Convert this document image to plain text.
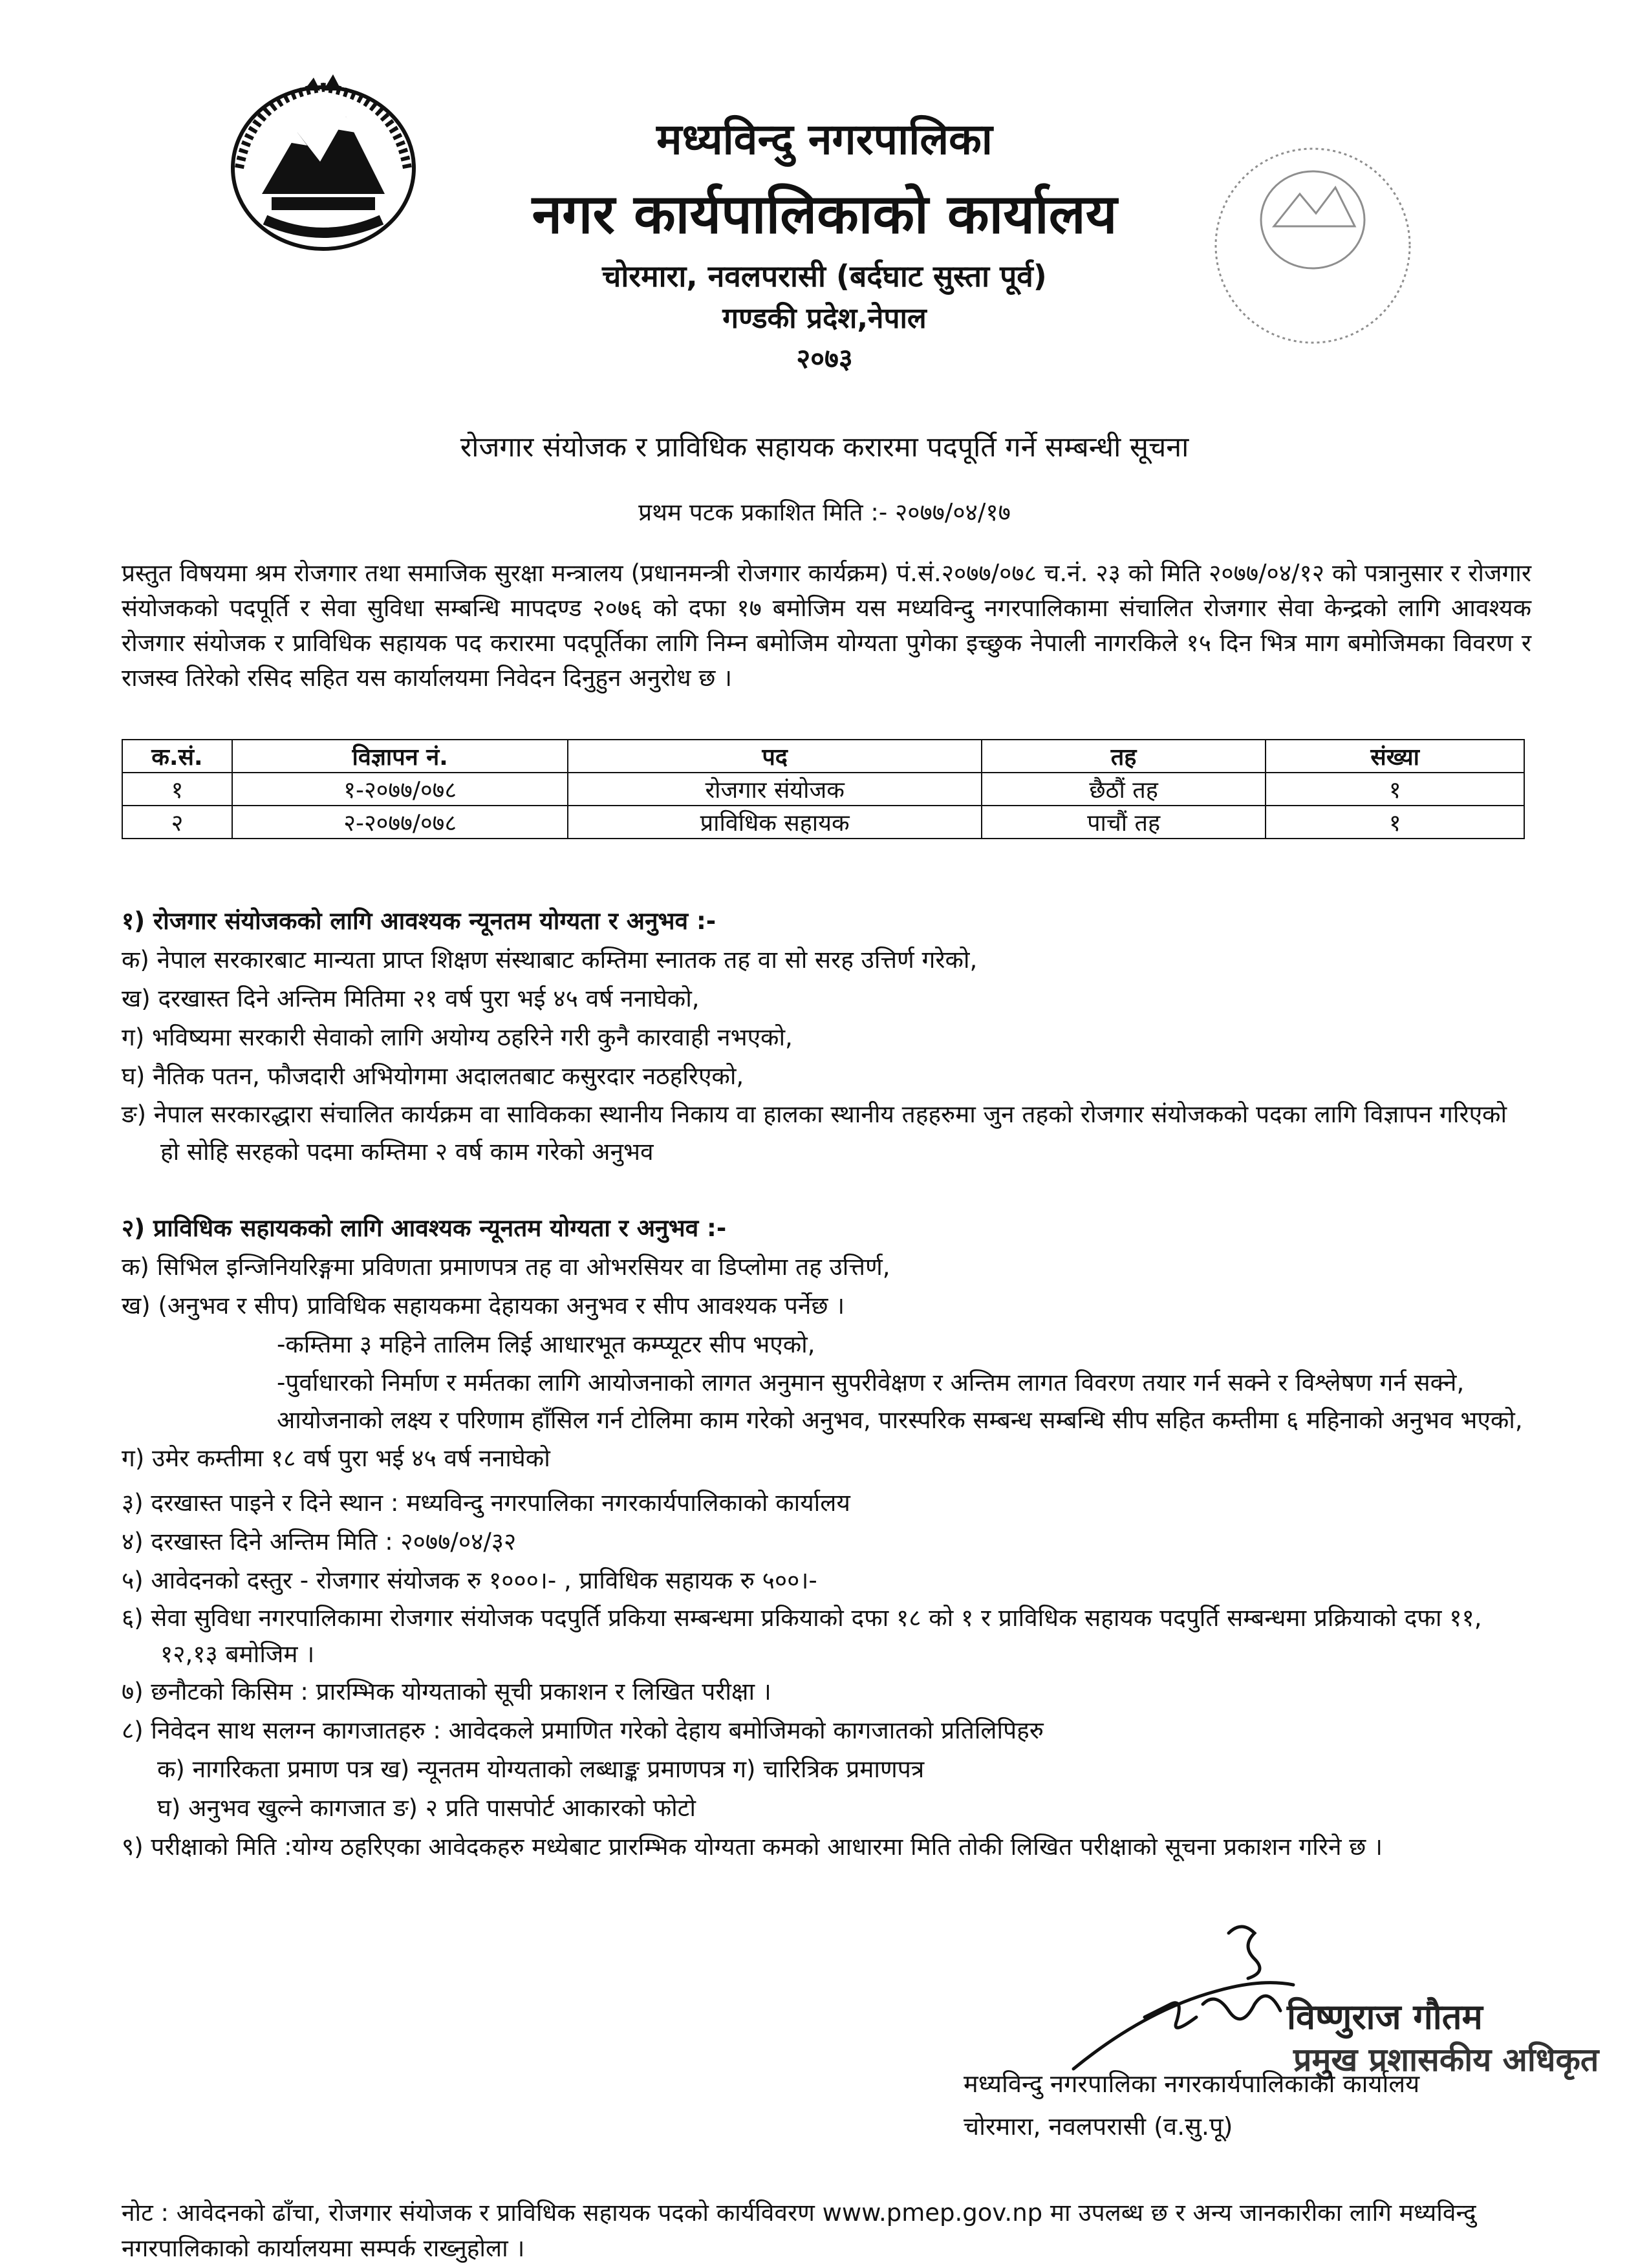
मध्यविन्दु नगरपालिका
नगर कार्यपालिकाको कार्यालय
चोरमारा, नवलपरासी (बर्दघाट सुस्ता पूर्व)
गण्डकी प्रदेश,नेपाल
२०७३
रोजगार संयोजक र प्राविधिक सहायक करारमा पदपूर्ति गर्ने सम्बन्धी सूचना
प्रथम पटक प्रकाशित मिति :- २०७७/०४/१७
प्रस्तुत विषयमा श्रम रोजगार तथा समाजिक सुरक्षा मन्त्रालय (प्रधानमन्त्री रोजगार कार्यक्रम) पं.सं.२०७७/०७८ च.नं. २३ को मिति २०७७/०४/१२ को पत्रानुसार र रोजगार संयोजकको पदपूर्ति र सेवा सुविधा सम्बन्धि मापदण्ड २०७६ को दफा १७ बमोजिम यस मध्यविन्दु नगरपालिकामा संचालित रोजगार सेवा केन्द्रको लागि आवश्यक रोजगार संयोजक र प्राविधिक सहायक पद करारमा पदपूर्तिका लागि निम्न बमोजिम योग्यता पुगेका इच्छुक नेपाली नागरकिले १५ दिन भित्र माग बमोजिमका विवरण र राजस्व तिरेको रसिद सहित यस कार्यालयमा निवेदन दिनुहुन अनुरोध छ ।
क.सं.	विज्ञापन नं.	पद	तह	संख्या
१	१-२०७७/०७८	रोजगार संयोजक	छैठौं तह	१
२	२-२०७७/०७८	प्राविधिक सहायक	पाचौं तह	१

१) रोजगार संयोजकको लागि आवश्यक न्यूनतम योग्यता र अनुभव :-

क) नेपाल सरकारबाट मान्यता प्राप्त शिक्षण संस्थाबाट कम्तिमा स्नातक तह वा सो सरह उत्तिर्ण गरेको,

ख) दरखास्त दिने अन्तिम मितिमा २१ वर्ष पुरा भई ४५ वर्ष ननाघेको,

ग) भविष्यमा सरकारी सेवाको लागि अयोग्य ठहरिने गरी कुनै कारवाही नभएको,

घ) नैतिक पतन, फौजदारी अभियोगमा अदालतबाट कसुरदार नठहरिएको,

ङ) नेपाल सरकारद्धारा संचालित कार्यक्रम वा साविकका स्थानीय निकाय वा हालका स्थानीय तहहरुमा जुन तहको रोजगार संयोजकको पदका लागि विज्ञापन गरिएको हो सोहि सरहको पदमा कम्तिमा २ वर्ष काम गरेको अनुभव

२) प्राविधिक सहायकको लागि आवश्यक न्यूनतम योग्यता र अनुभव :-

क) सिभिल इन्जिनियरिङ्गमा प्रविणता प्रमाणपत्र तह वा ओभरसियर वा डिप्लोमा तह उत्तिर्ण,

ख) (अनुभव र सीप) प्राविधिक सहायकमा देहायका अनुभव र सीप आवश्यक पर्नेछ ।

-कम्तिमा ३ महिने तालिम लिई आधारभूत कम्प्यूटर सीप भएको,

-पुर्वाधारको निर्माण र मर्मतका लागि आयोजनाको लागत अनुमान सुपरीवेक्षण र अन्तिम लागत विवरण तयार गर्न सक्ने र विश्लेषण गर्न सक्ने, आयोजनाको लक्ष्य र परिणाम हाँसिल गर्न टोलिमा काम गरेको अनुभव, पारस्परिक सम्बन्ध सम्बन्धि सीप सहित कम्तीमा ६ महिनाको अनुभव भएको,

ग) उमेर कम्तीमा १८ वर्ष पुरा भई ४५ वर्ष ननाघेको

३) दरखास्त पाइने र दिने स्थान : मध्यविन्दु नगरपालिका नगरकार्यपालिकाको कार्यालय

४) दरखास्त दिने अन्तिम मिति : २०७७/०४/३२

५) आवेदनको दस्तुर - रोजगार संयोजक रु १०००।- , प्राविधिक सहायक रु ५००।-

६) सेवा सुविधा नगरपालिकामा रोजगार संयोजक पदपुर्ति प्रकिया सम्बन्धमा प्रकियाको दफा १८ को १ र प्राविधिक सहायक पदपुर्ति सम्बन्धमा प्रक्रियाको दफा ११, १२,१३ बमोजिम ।

७) छनौटको किसिम : प्रारम्भिक योग्यताको सूची प्रकाशन र लिखित परीक्षा ।

८) निवेदन साथ सलग्न कागजातहरु : आवेदकले प्रमाणित गरेको देहाय बमोजिमको कागजातको प्रतिलिपिहरु

क) नागरिकता प्रमाण पत्र ख) न्यूनतम योग्यताको लब्धाङ्क प्रमाणपत्र ग) चारित्रिक प्रमाणपत्र

घ) अनुभव खुल्ने कागजात ङ) २ प्रति पासपोर्ट आकारको फोटो

९) परीक्षाको मिति :योग्य ठहरिएका आवेदकहरु मध्येबाट प्रारम्भिक योग्यता कमको आधारमा मिति तोकी लिखित परीक्षाको सूचना प्रकाशन गरिने छ ।

विष्णुराज गौतम
प्रमुख प्रशासकीय अधिकृत
मध्यविन्दु नगरपालिका नगरकार्यपालिकाको कार्यालय
चोरमारा, नवलपरासी (व.सु.पू)
नोट : आवेदनको ढाँचा, रोजगार संयोजक र प्राविधिक सहायक पदको कार्यविवरण www.pmep.gov.np मा उपलब्ध छ र अन्य जानकारीका लागि मध्यविन्दु नगरपालिकाको कार्यालयमा सम्पर्क राख्नुहोला ।
